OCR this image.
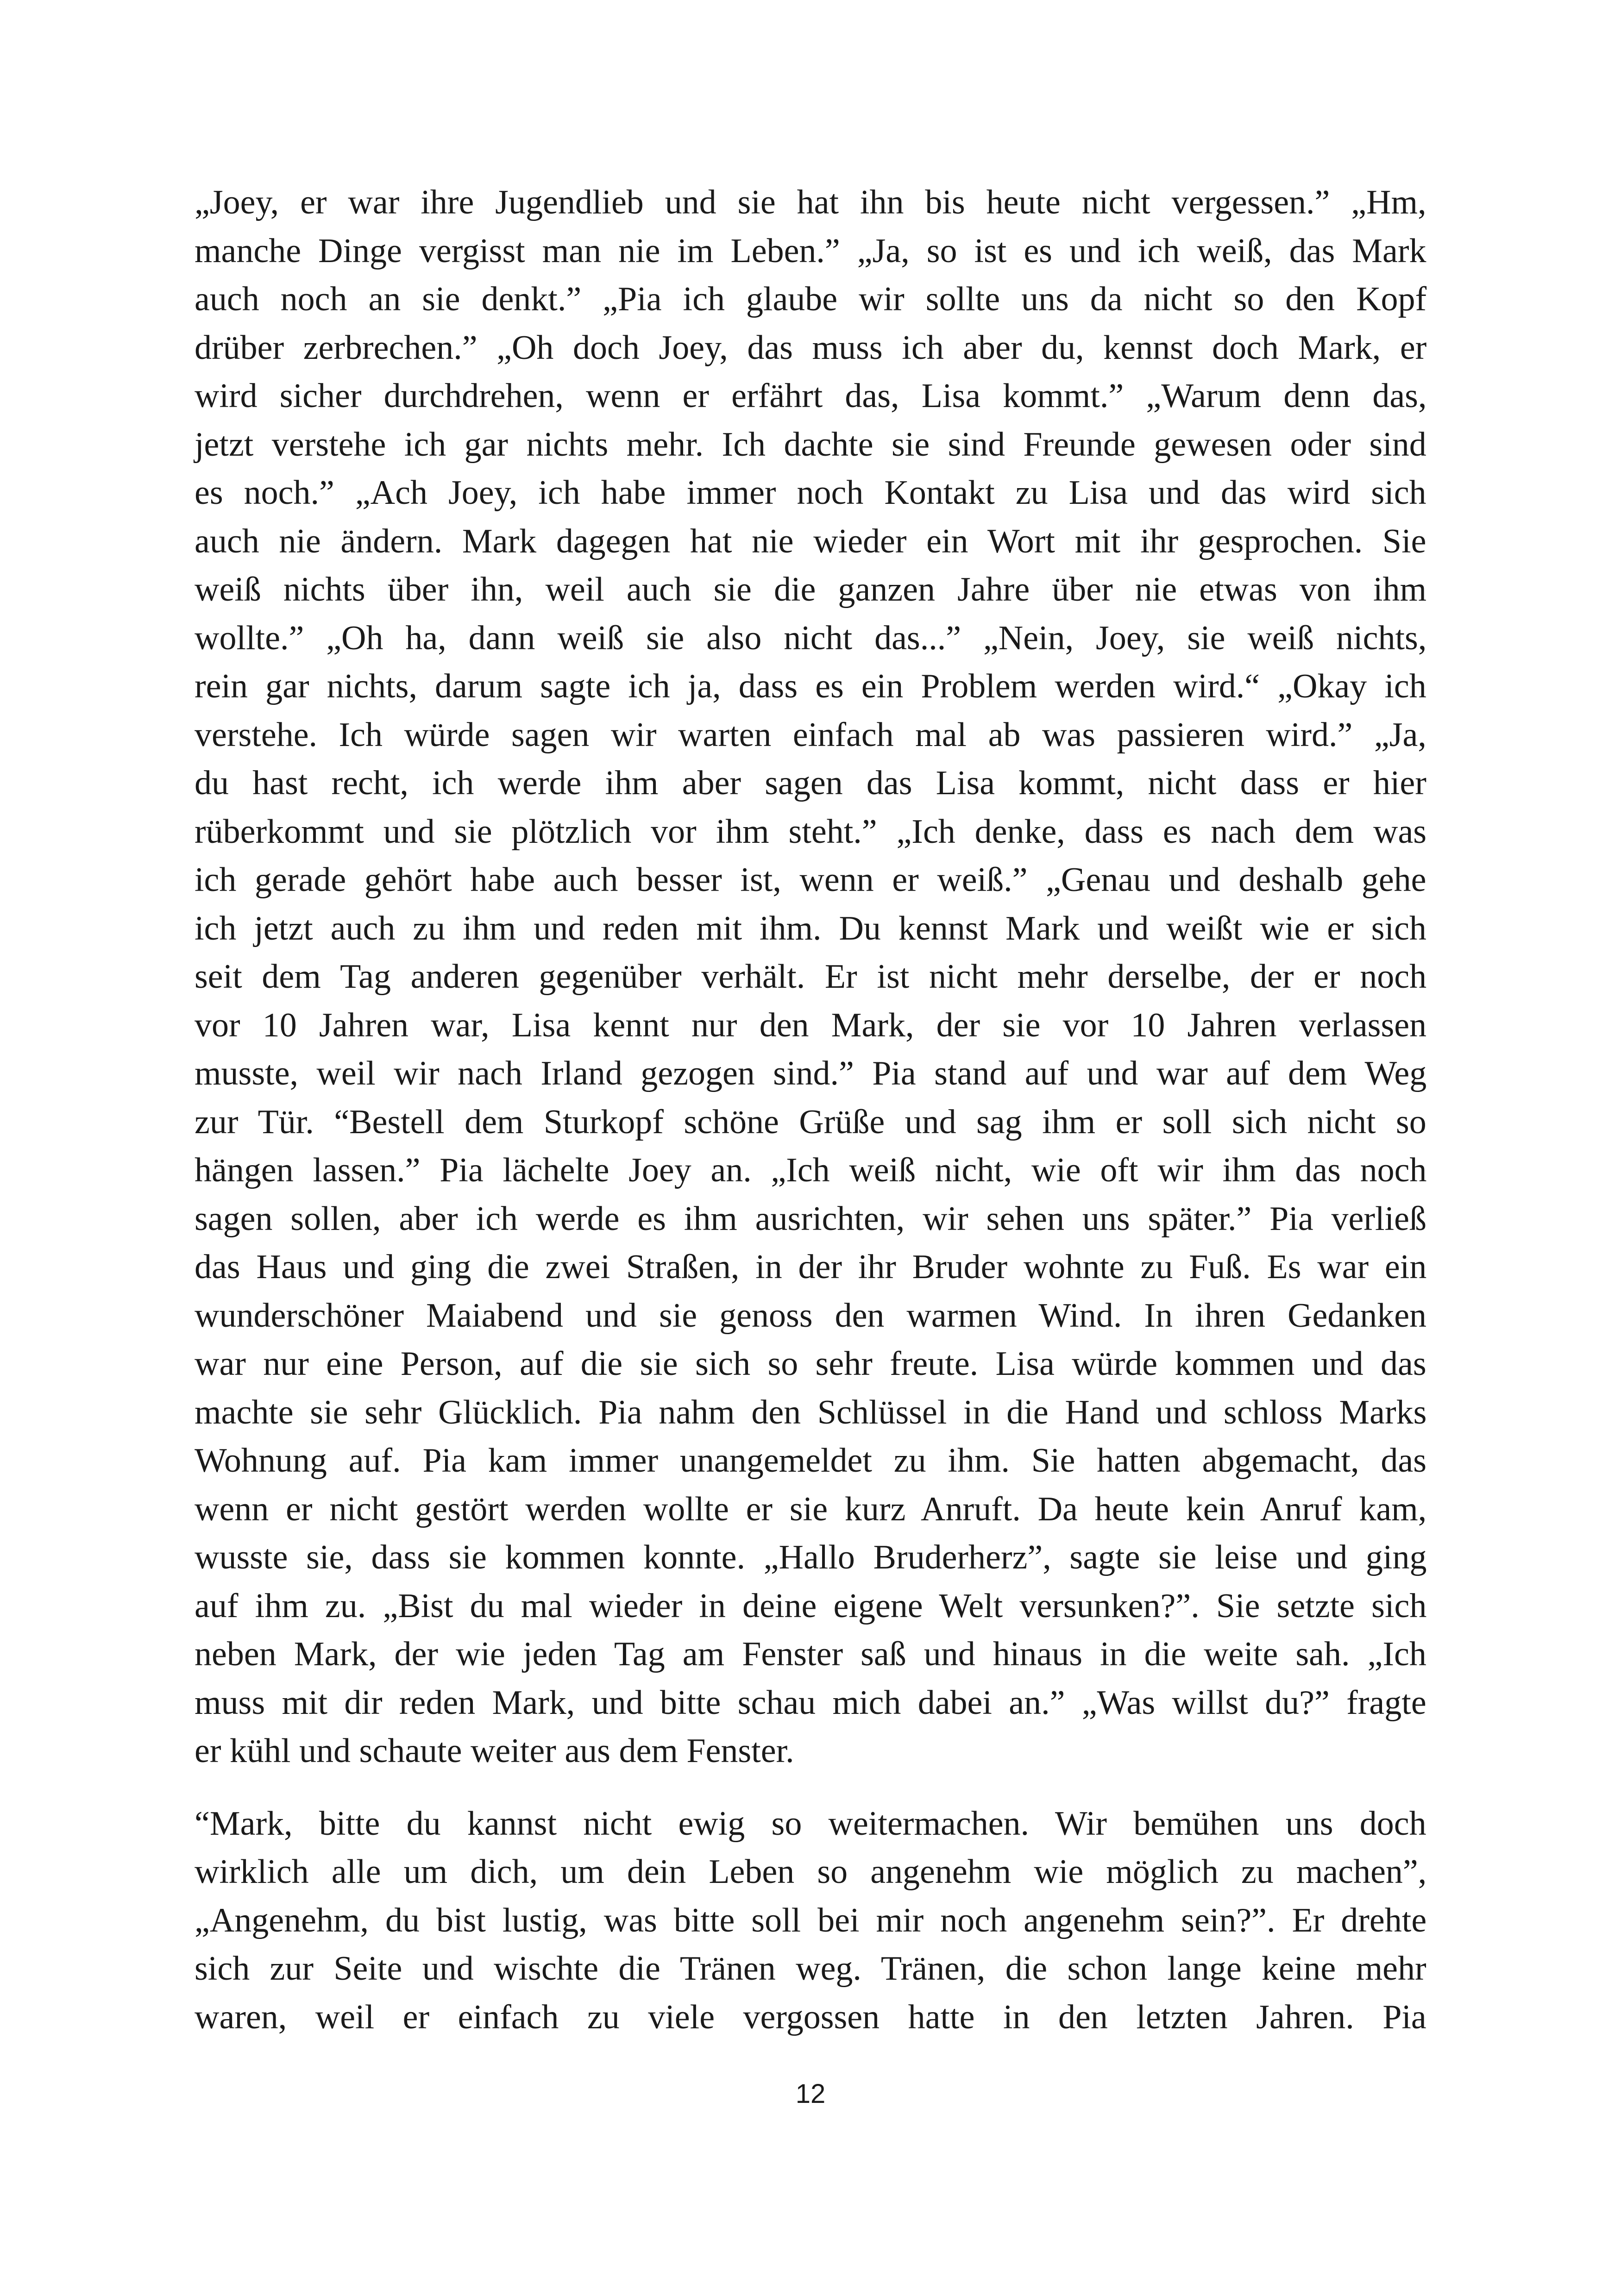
„Joey, er war ihre Jugendlieb und sie hat ihn bis heute nicht vergessen.” „Hm,
manche Dinge vergisst man nie im Leben.” „Ja, so ist es und ich weiß, das Mark
auch noch an sie denkt.” „Pia ich glaube wir sollte uns da nicht so den Kopf
drüber zerbrechen.” „Oh doch Joey, das muss ich aber du, kennst doch Mark, er
wird sicher durchdrehen, wenn er erfährt das, Lisa kommt.” „Warum denn das,
jetzt verstehe ich gar nichts mehr. Ich dachte sie sind Freunde gewesen oder sind
es noch.” „Ach Joey, ich habe immer noch Kontakt zu Lisa und das wird sich
auch nie ändern. Mark dagegen hat nie wieder ein Wort mit ihr gesprochen. Sie
weiß nichts über ihn, weil auch sie die ganzen Jahre über nie etwas von ihm
wollte.” „Oh ha, dann weiß sie also nicht das...” „Nein, Joey, sie weiß nichts,
rein gar nichts, darum sagte ich ja, dass es ein Problem werden wird.“ „Okay ich
verstehe. Ich würde sagen wir warten einfach mal ab was passieren wird.” „Ja,
du hast recht, ich werde ihm aber sagen das Lisa kommt, nicht dass er hier
rüberkommt und sie plötzlich vor ihm steht.” „Ich denke, dass es nach dem was
ich gerade gehört habe auch besser ist, wenn er weiß.” „Genau und deshalb gehe
ich jetzt auch zu ihm und reden mit ihm. Du kennst Mark und weißt wie er sich
seit dem Tag anderen gegenüber verhält. Er ist nicht mehr derselbe, der er noch
vor 10 Jahren war, Lisa kennt nur den Mark, der sie vor 10 Jahren verlassen
musste, weil wir nach Irland gezogen sind.” Pia stand auf und war auf dem Weg
zur Tür. “Bestell dem Sturkopf schöne Grüße und sag ihm er soll sich nicht so
hängen lassen.” Pia lächelte Joey an. „Ich weiß nicht, wie oft wir ihm das noch
sagen sollen, aber ich werde es ihm ausrichten, wir sehen uns später.” Pia verließ
das Haus und ging die zwei Straßen, in der ihr Bruder wohnte zu Fuß. Es war ein
wunderschöner Maiabend und sie genoss den warmen Wind. In ihren Gedanken
war nur eine Person, auf die sie sich so sehr freute. Lisa würde kommen und das
machte sie sehr Glücklich. Pia nahm den Schlüssel in die Hand und schloss Marks
Wohnung auf. Pia kam immer unangemeldet zu ihm. Sie hatten abgemacht, das
wenn er nicht gestört werden wollte er sie kurz Anruft. Da heute kein Anruf kam,
wusste sie, dass sie kommen konnte. „Hallo Bruderherz”, sagte sie leise und ging
auf ihm zu. „Bist du mal wieder in deine eigene Welt versunken?”. Sie setzte sich
neben Mark, der wie jeden Tag am Fenster saß und hinaus in die weite sah. „Ich
muss mit dir reden Mark, und bitte schau mich dabei an.” „Was willst du?” fragte
er kühl und schaute weiter aus dem Fenster.
“Mark, bitte du kannst nicht ewig so weitermachen. Wir bemühen uns doch
wirklich alle um dich, um dein Leben so angenehm wie möglich zu machen”,
„Angenehm, du bist lustig, was bitte soll bei mir noch angenehm sein?”. Er drehte
sich zur Seite und wischte die Tränen weg. Tränen, die schon lange keine mehr
waren, weil er einfach zu viele vergossen hatte in den letzten Jahren. Pia
12
